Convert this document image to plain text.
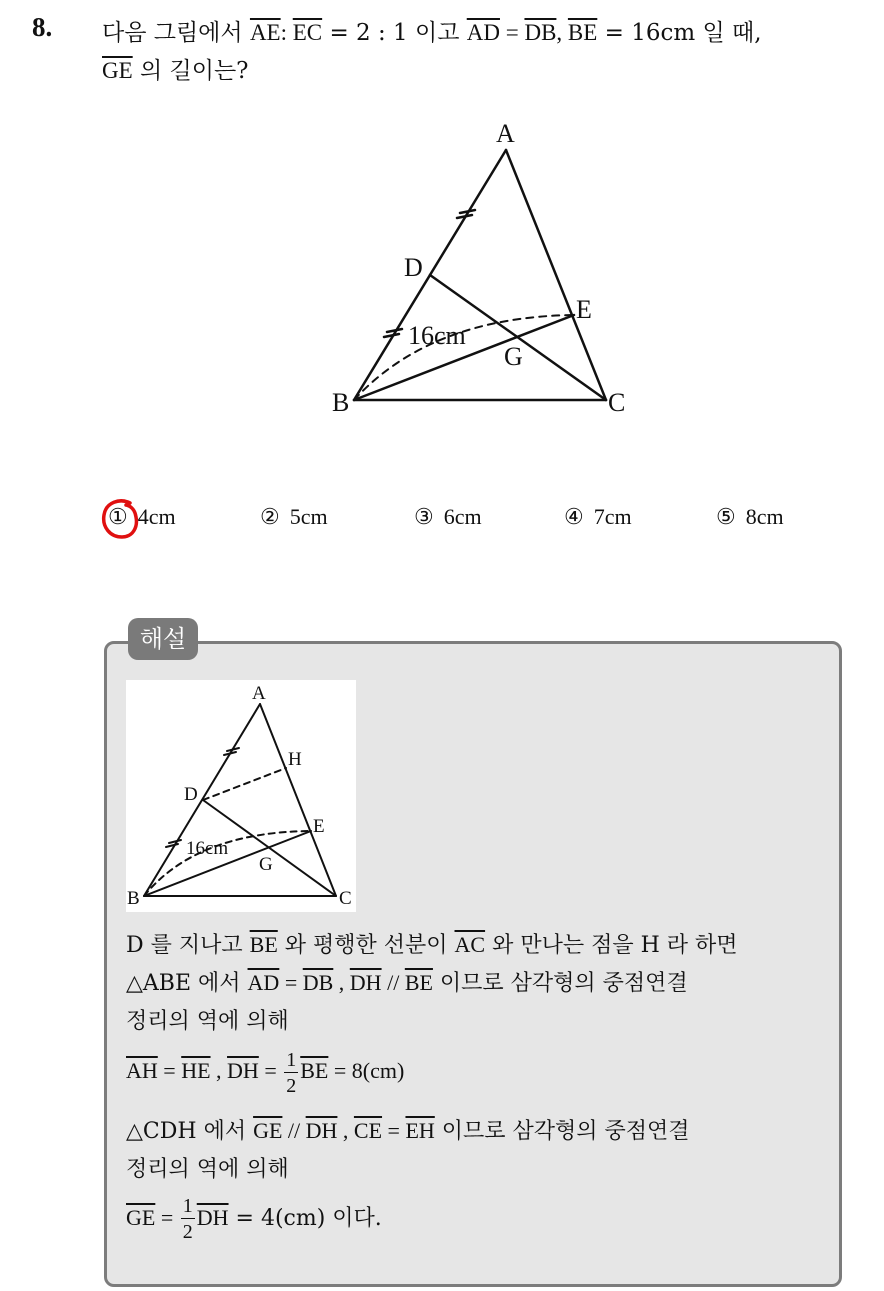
8. 다음 그림에서 $\overline{AE}$: $\overline{EC} = 2$ : 1 이고 $\overline{AD} = \overline{DB}$, $\overline{BE} = 16cm$ 일 때,
$\overline{GE}$ 의 길이는?
A
D
E
G
B	C
16cm
① 4cm	② 5cm	③ 6cm	④ 7cm	⑤ 8cm
해설
A
H
D
E
G
B	C
16cm
D 를 지나고 $\overline{BE}$ 와 평행한 선분이 $\overline{AC}$ 와 만나는 점을 H 라 하면
△ABE 에서 $\overline{AD} = \overline{DB}$ , $\overline{DH} // \overline{BE}$ 이므로 삼각형의 중점연결
정리의 역에 의해
$\overline{AH} = \overline{HE}$ , $\overline{DH} = \frac{1}{2} \overline{BE} = 8(cm)$
△CDH 에서 $\overline{GE} // \overline{DH}$ , $\overline{CE} = \overline{EH}$ 이므로 삼각형의 중점연결
정리의 역에 의해
$\overline{GE} = \frac{1}{2} \overline{DH} = 4(cm)$ 이다.
